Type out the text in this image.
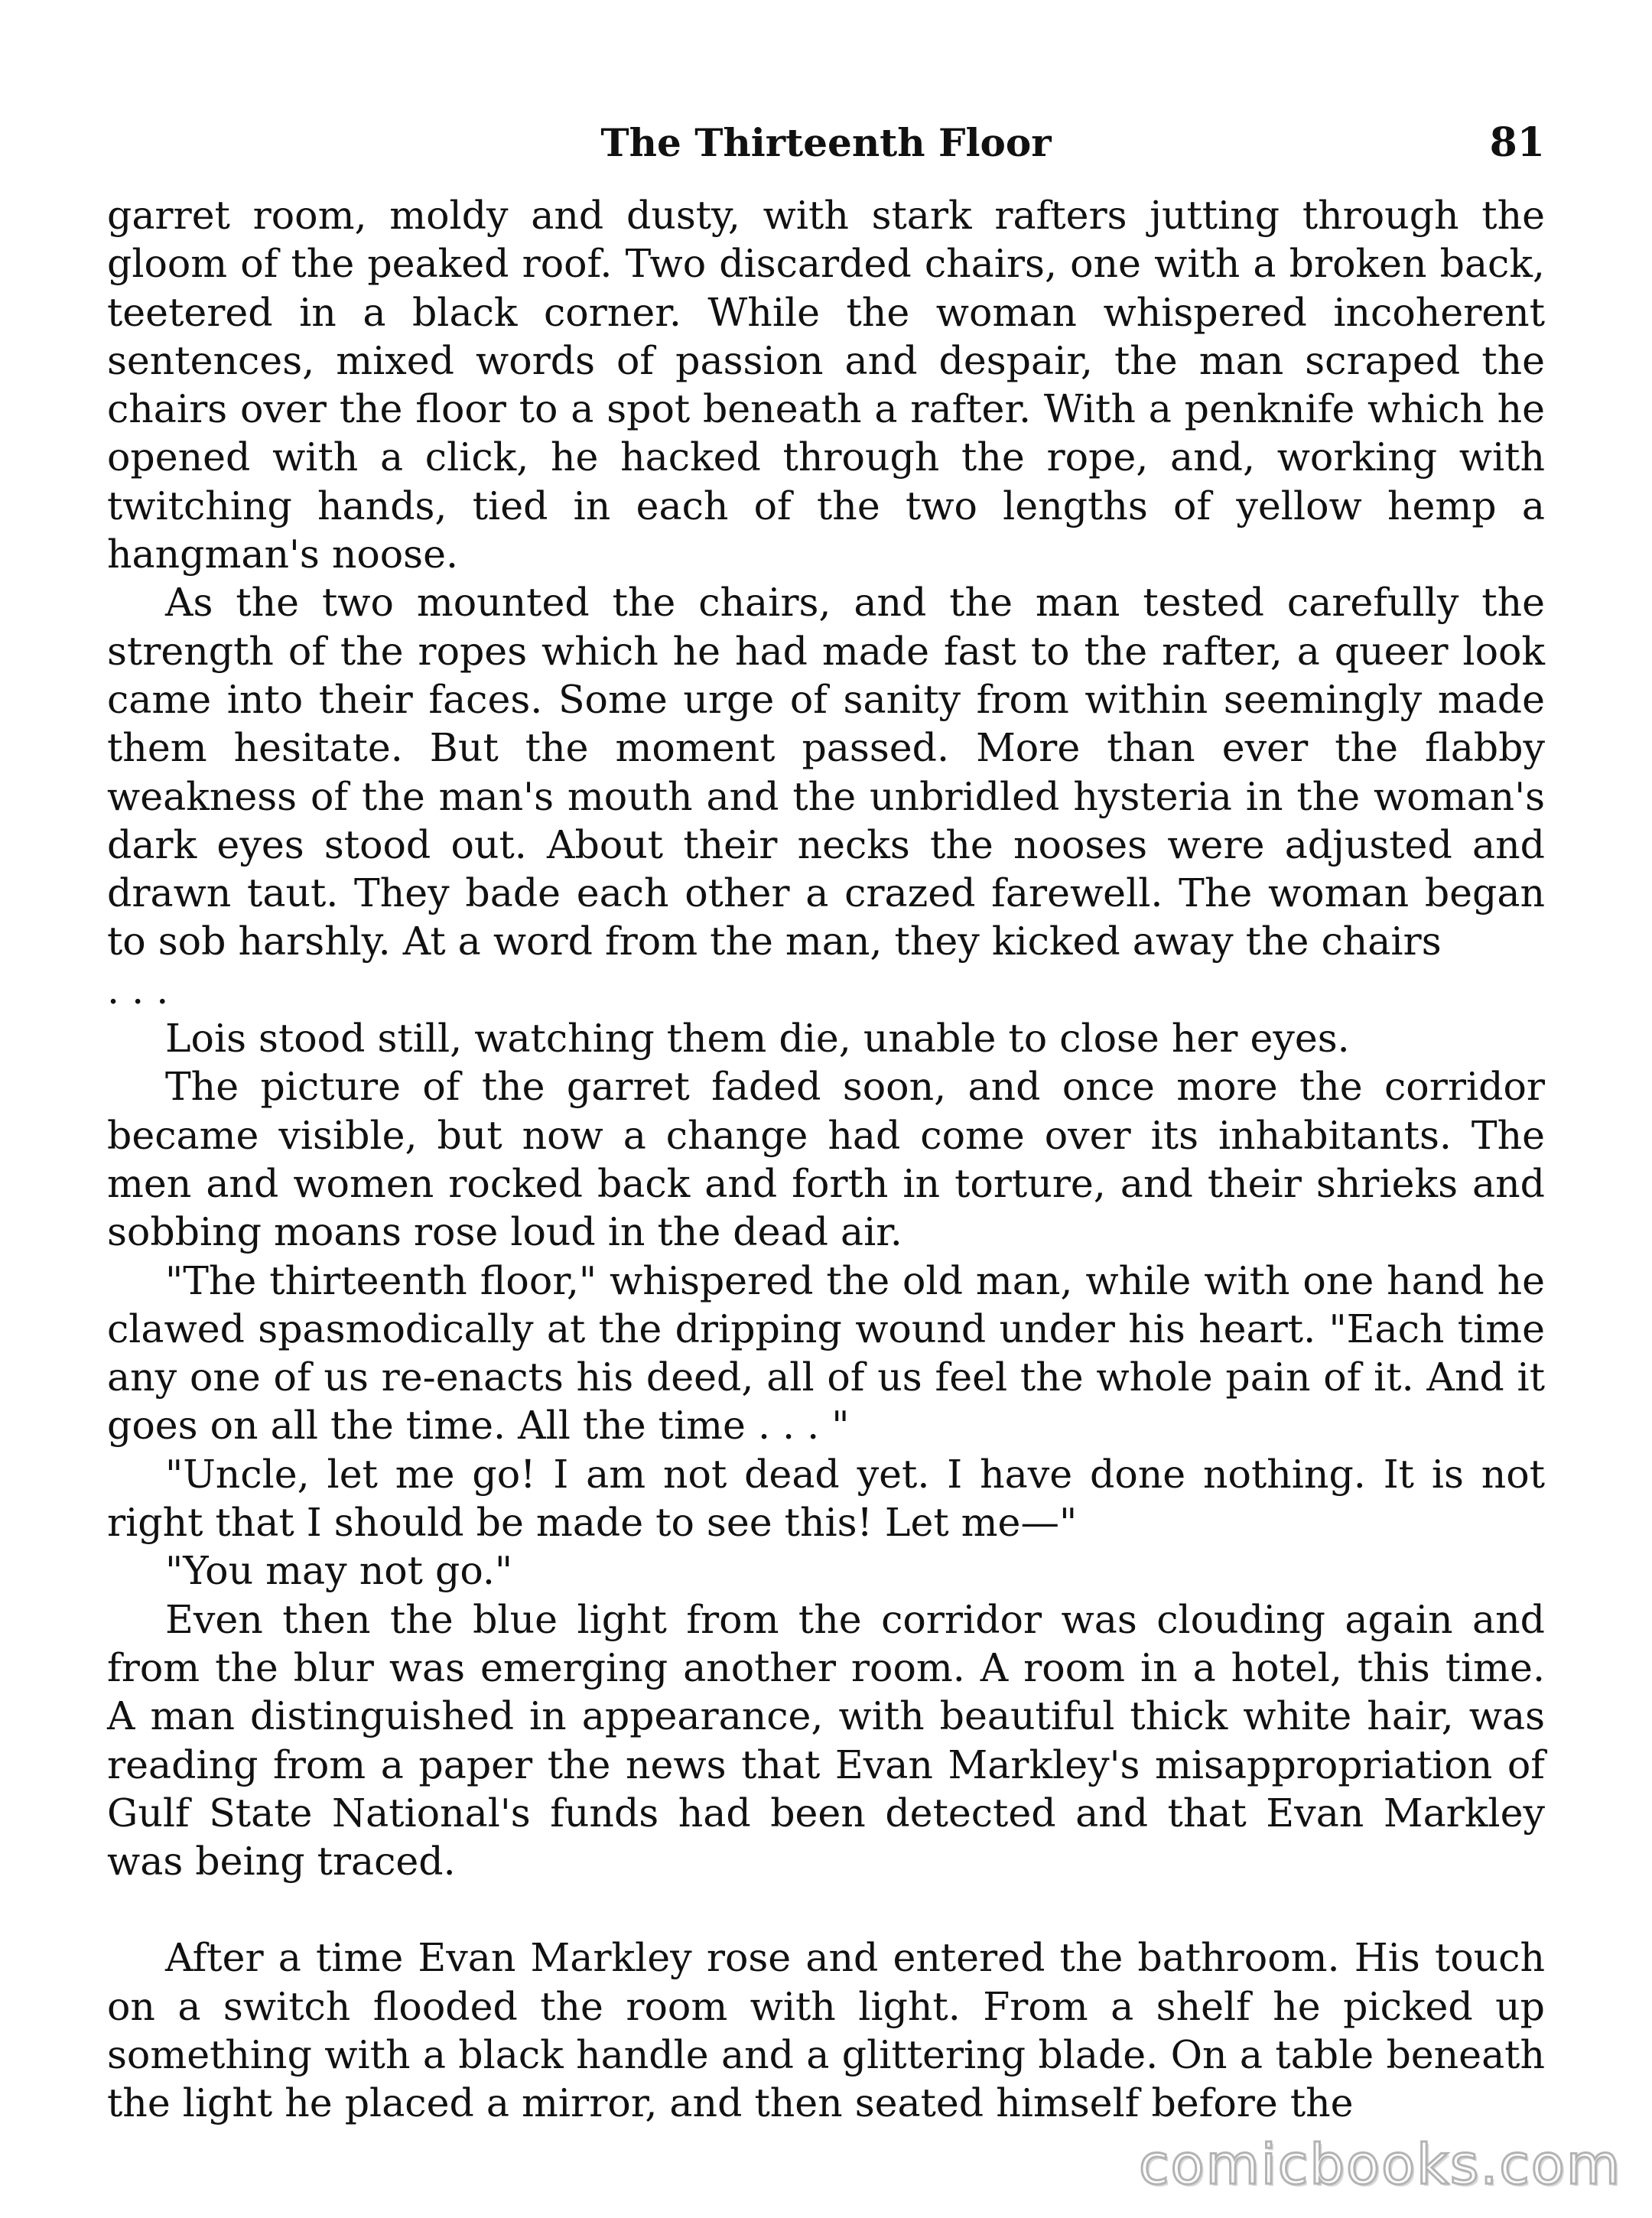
The Thirteenth Floor	81

garret room, moldy and dusty, with stark rafters jutting through the gloom of the peaked roof. Two discarded chairs, one with a broken back, teetered in a black corner. While the woman whispered incoherent sentences, mixed words of passion and despair, the man scraped the chairs over the floor to a spot beneath a rafter. With a penknife which he opened with a click, he hacked through the rope, and, working with twitching hands, tied in each of the two lengths of yellow hemp a hangman's noose.

As the two mounted the chairs, and the man tested carefully the strength of the ropes which he had made fast to the rafter, a queer look came into their faces. Some urge of sanity from within seemingly made them hesitate. But the moment passed. More than ever the flabby weakness of the man's mouth and the unbridled hysteria in the woman's dark eyes stood out. About their necks the nooses were adjusted and drawn taut. They bade each other a crazed farewell. The woman began to sob harshly. At a word from the man, they kicked away the chairs

. . .

Lois stood still, watching them die, unable to close her eyes.

The picture of the garret faded soon, and once more the corridor became visible, but now a change had come over its inhabitants. The men and women rocked back and forth in torture, and their shrieks and sobbing moans rose loud in the dead air.

"The thirteenth floor," whispered the old man, while with one hand he clawed spasmodically at the dripping wound under his heart. "Each time any one of us re-enacts his deed, all of us feel the whole pain of it. And it goes on all the time. All the time . . . "

"Uncle, let me go! I am not dead yet. I have done nothing. It is not right that I should be made to see this! Let me—"

"You may not go."

Even then the blue light from the corridor was clouding again and from the blur was emerging another room. A room in a hotel, this time. A man distinguished in appearance, with beautiful thick white hair, was reading from a paper the news that Evan Markley's misappropriation of Gulf State National's funds had been detected and that Evan Markley was being traced.

After a time Evan Markley rose and entered the bathroom. His touch on a switch flooded the room with light. From a shelf he picked up something with a black handle and a glittering blade. On a table beneath the light he placed a mirror, and then seated himself before the

comicbooks.com
